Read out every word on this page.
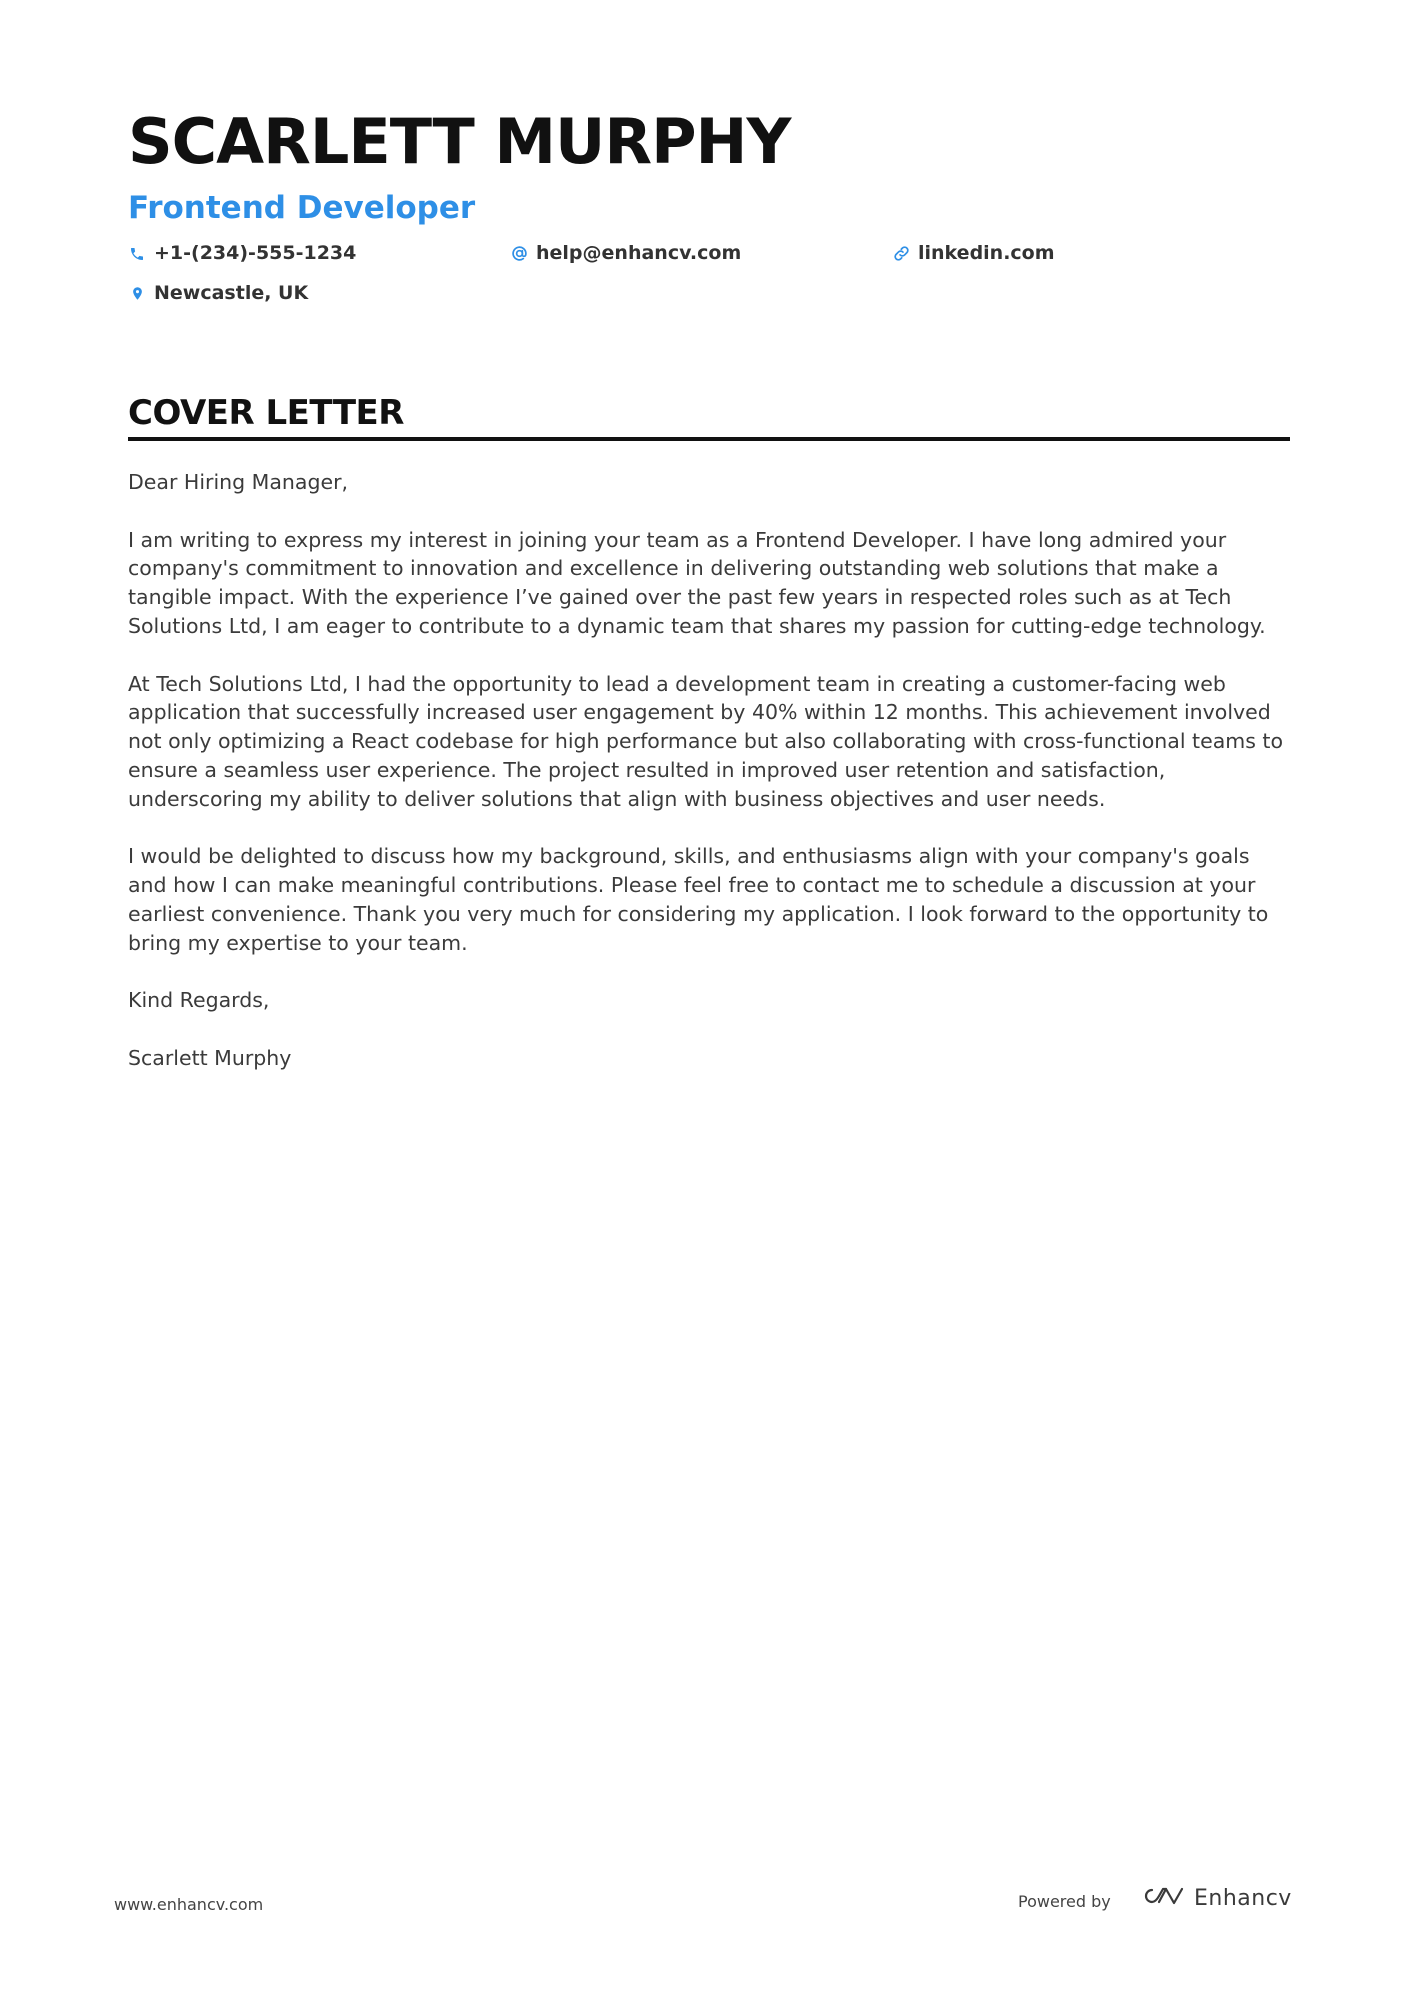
SCARLETT MURPHY
Frontend Developer
+1-(234)-555-1234	help@enhancv.com	linkedin.com
Newcastle, UK
COVER LETTER

Dear Hiring Manager,

I am writing to express my interest in joining your team as a Frontend Developer. I have long admired your company's commitment to innovation and excellence in delivering outstanding web solutions that make a tangible impact. With the experience I’ve gained over the past few years in respected roles such as at Tech Solutions Ltd, I am eager to contribute to a dynamic team that shares my passion for cutting-edge technology.

At Tech Solutions Ltd, I had the opportunity to lead a development team in creating a customer-facing web application that successfully increased user engagement by 40% within 12 months. This achievement involved not only optimizing a React codebase for high performance but also collaborating with cross-functional teams to ensure a seamless user experience. The project resulted in improved user retention and satisfaction, underscoring my ability to deliver solutions that align with business objectives and user needs.

I would be delighted to discuss how my background, skills, and enthusiasms align with your company's goals and how I can make meaningful contributions. Please feel free to contact me to schedule a discussion at your earliest convenience. Thank you very much for considering my application. I look forward to the opportunity to bring my expertise to your team.

Kind Regards,

Scarlett Murphy

www.enhancv.com	Powered by	Enhancv
